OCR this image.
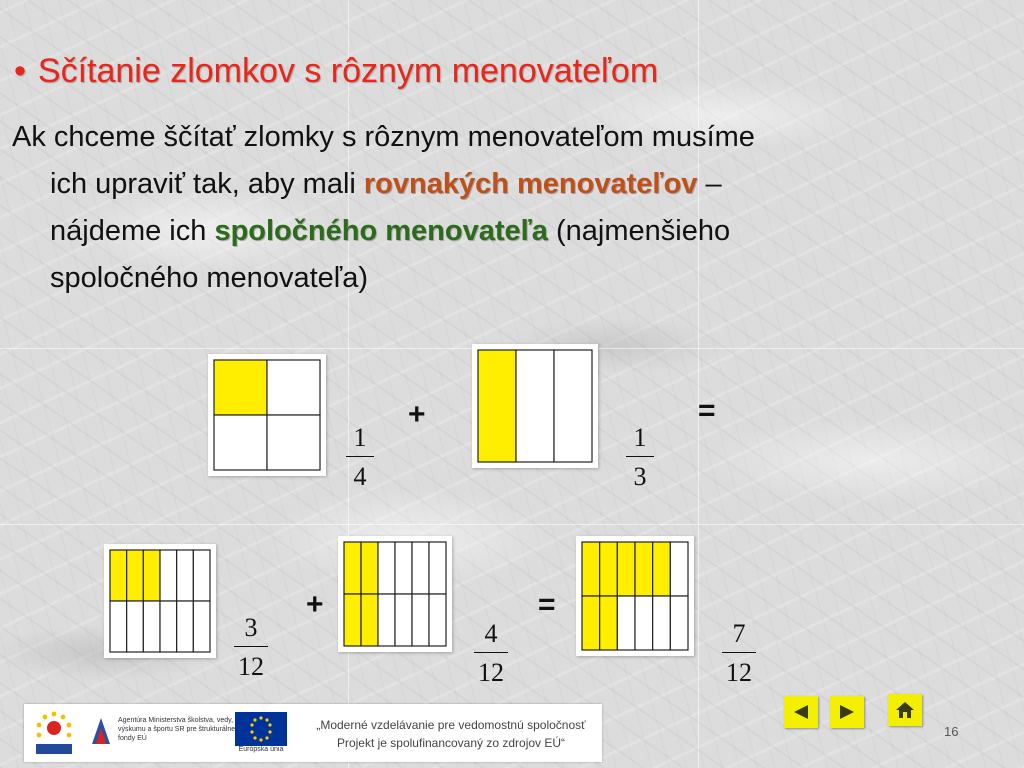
• Sčítanie zlomkov s rôznym menovateľom

Ak chceme ščítať zlomky s rôznym menovateľom musíme
ich upraviť tak, aby mali rovnakých menovateľov –
nájdeme ich spoločného menovateľa (najmenšieho
spoločného menovateľa)

1
4
+
1
3
=
3
12
+
4
12
=
7
12
Agentúra Ministerstva školstva, vedy, výskumu a športu SR pre štrukturálne fondy EÚ
Európska únia
„Moderné vzdelávanie pre vedomostnú spoločnosť
Projekt je spolufinancovaný zo zdrojov EÚ“
16
